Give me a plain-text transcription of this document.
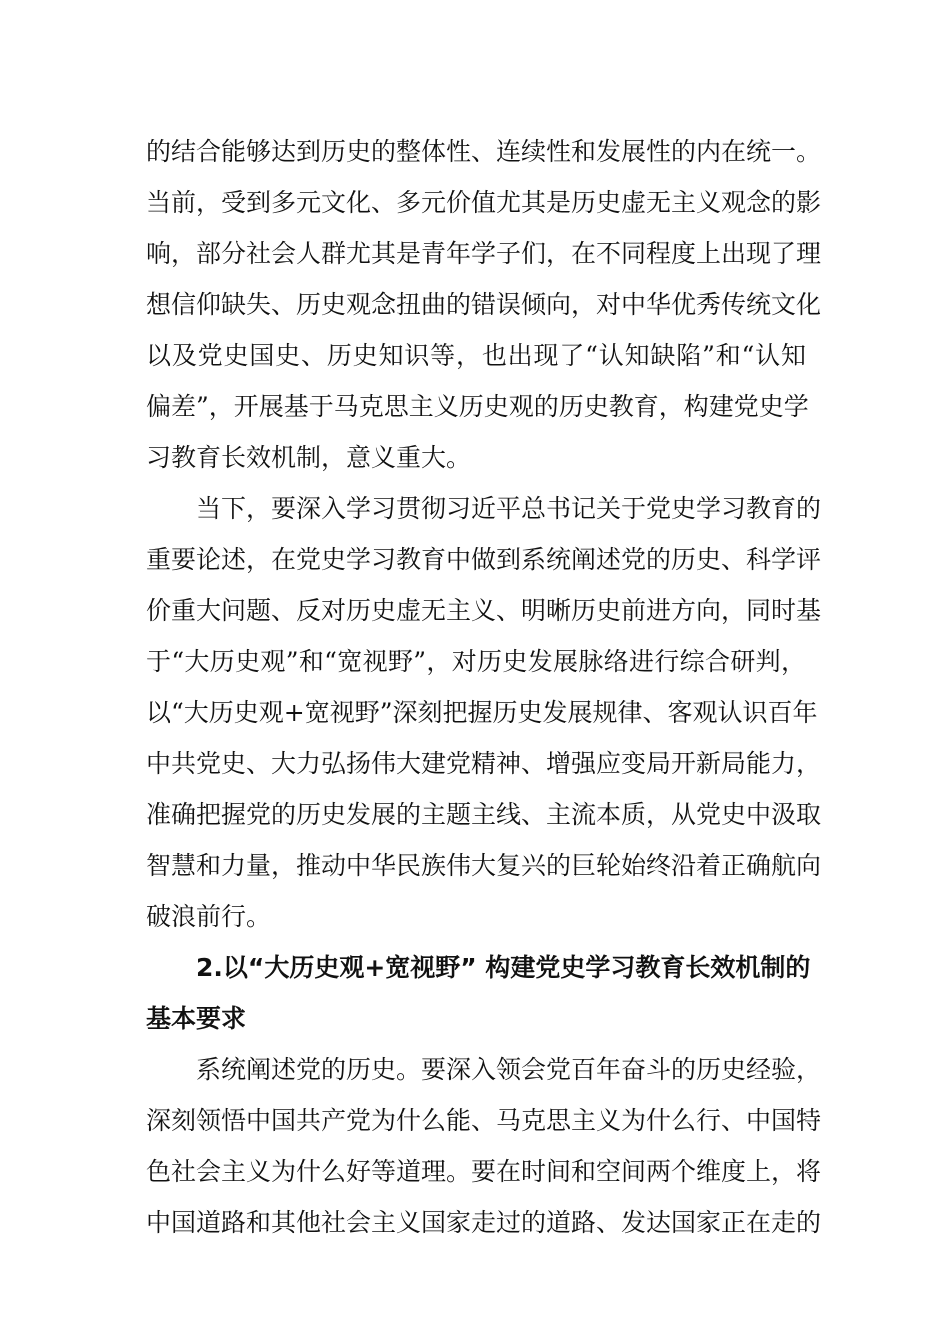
的结合能够达到历史的整体性、连续性和发展性的内在统一。
当前，受到多元文化、多元价值尤其是历史虚无主义观念的影
响，部分社会人群尤其是青年学子们，在不同程度上出现了理
想信仰缺失、历史观念扭曲的错误倾向，对中华优秀传统文化
以及党史国史、历史知识等，也出现了“认知缺陷”和“认知
偏差”，开展基于马克思主义历史观的历史教育，构建党史学
习教育长效机制，意义重大。
当下，要深入学习贯彻习近平总书记关于党史学习教育的
重要论述，在党史学习教育中做到系统阐述党的历史、科学评
价重大问题、反对历史虚无主义、明晰历史前进方向，同时基
于“大历史观”和“宽视野”，对历史发展脉络进行综合研判，
以“大历史观+宽视野”深刻把握历史发展规律、客观认识百年
中共党史、大力弘扬伟大建党精神、增强应变局开新局能力，
准确把握党的历史发展的主题主线、主流本质，从党史中汲取
智慧和力量，推动中华民族伟大复兴的巨轮始终沿着正确航向
破浪前行。
2.以“大历史观+宽视野” 构建党史学习教育长效机制的
基本要求
系统阐述党的历史。要深入领会党百年奋斗的历史经验，
深刻领悟中国共产党为什么能、马克思主义为什么行、中国特
色社会主义为什么好等道理。要在时间和空间两个维度上，将
中国道路和其他社会主义国家走过的道路、发达国家正在走的
